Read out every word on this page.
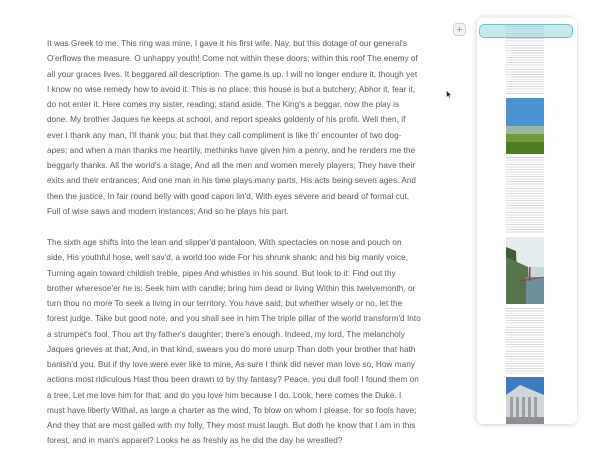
It was Greek to me. This ring was mine, I gave it his first wife. Nay, but this dotage of our general's O'erflows the measure. O unhappy youth! Come not within these doors; within this roof The enemy of all your graces lives. It beggared all description. The game is up. I will no longer endure it, though yet I know no wise remedy how to avoid it. This is no place; this house is but a butchery; Abhor it, fear it, do not enter it. Here comes my sister, reading; stand aside. The King's a beggar, now the play is done. My brother Jaques he keeps at school, and report speaks goldenly of his profit. Well then, if ever I thank any man, I'll thank you; but that they call compliment is like th' encounter of two dog-apes; and when a man thanks me heartily, methinks have given him a penny, and he renders me the beggarly thanks. All the world's a stage, And all the men and women merely players; They have their exits and their entrances; And one man in his time plays many parts, His acts being seven ages. And then the justice, In fair round belly with good capon lin'd, With eyes severe and beard of formal cut, Full of wise saws and modern instances; And so he plays his part.

The sixth age shifts Into the lean and slipper'd pantaloon, With spectacles on nose and pouch on side, His youthful hose, well sav'd, a world too wide For his shrunk shank; and his big manly voice, Turning again toward childish treble, pipes And whistles in his sound. But look to it: Find out thy brother wheresoe'er he is; Seek him with candle; bring him dead or living Within this twelvemonth, or turn thou no more To seek a living in our territory. You have said; but whether wisely or no, let the forest judge. Take but good note, and you shall see in him The triple pillar of the world transform'd Into a strumpet's fool. Thou art thy father's daughter; there's enough. Indeed, my lord, The melancholy Jaques grieves at that; And, in that kind, swears you do more usurp Than doth your brother that hath banish'd you. But if thy love were ever like to mine, As sure I think did never man love so, How many actions most ridiculous Hast thou been drawn to by thy fantasy? Peace, you dull fool! I found them on a tree. Let me love him for that; and do you love him because I do. Look, here comes the Duke. I must have liberty Withal, as large a charter as the wind, To blow on whom I please, for so fools have; And they that are most galled with my folly, They most must laugh. But doth he know that I am in this forest, and in man's apparel? Looks he as freshly as he did the day he wrestled?

+
1 / 1
